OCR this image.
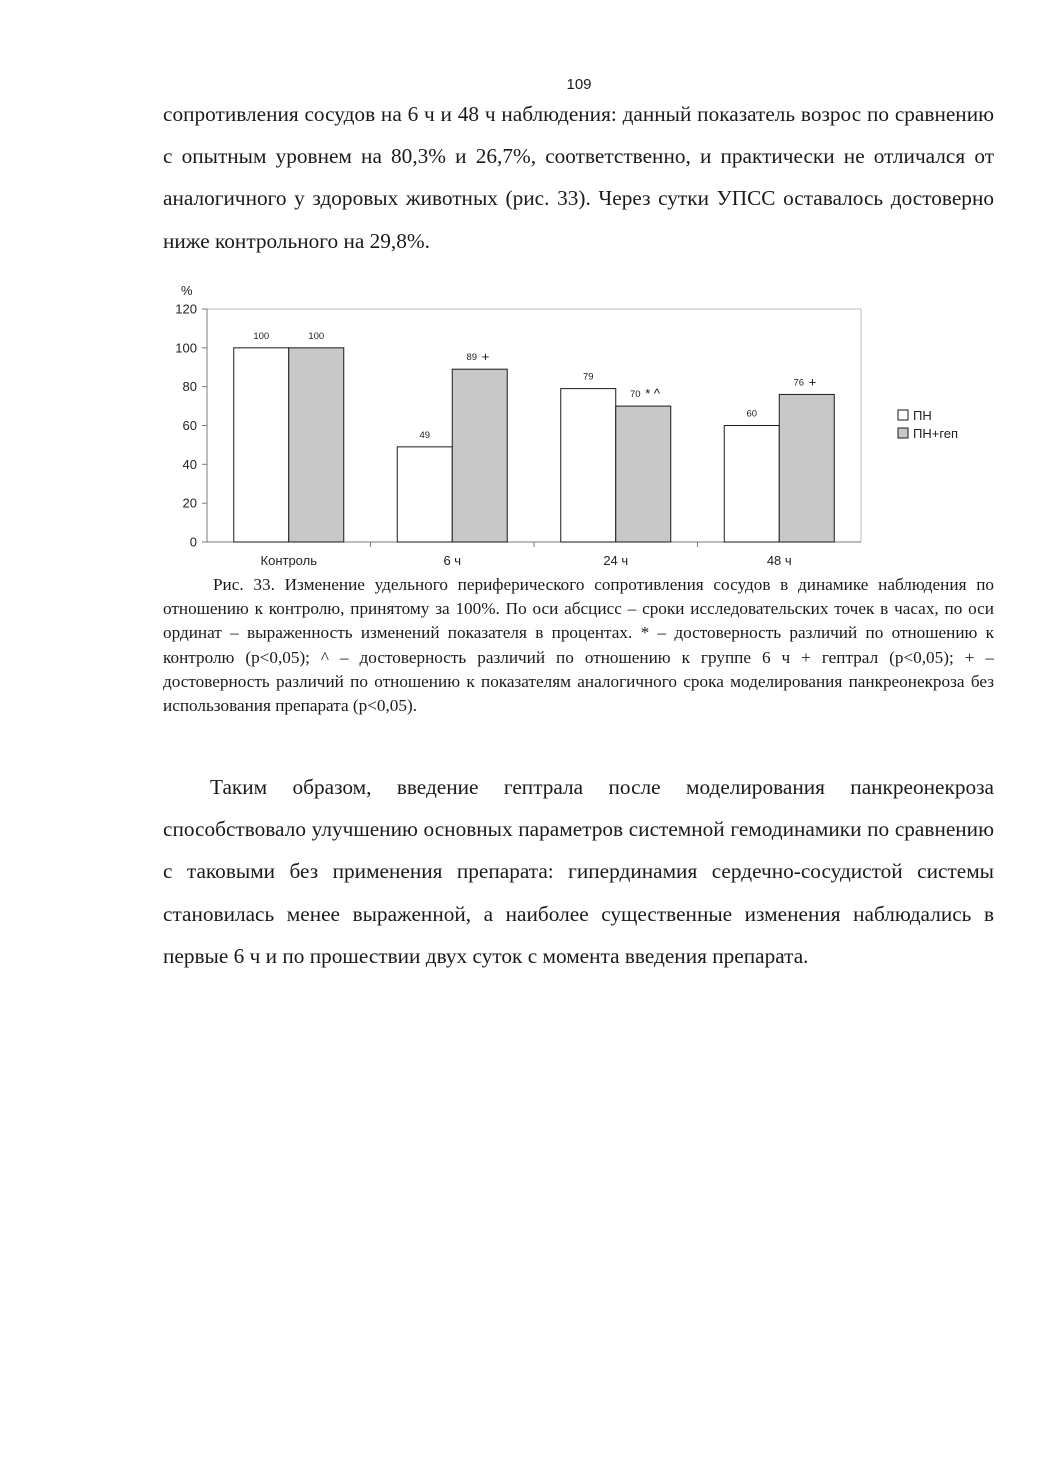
109

сопротивления сосудов на 6 ч и 48 ч наблюдения: данный показатель возрос по сравнению с опытным уровнем на 80,3% и 26,7%, соответственно, и практически не отличался от аналогичного у здоровых животных (рис. 33). Через сутки УПСС оставалось достоверно ниже контрольного на 29,8%.

0
20
40
60
80
100
120
%
Контроль
100	100
6 ч
49
89 +
24 ч
79
70 * ^
48 ч
60
76 +
ПН
ПН+геп

Рис. 33. Изменение удельного периферического сопротивления сосудов в динамике наблюдения по отношению к контролю, принятому за 100%. По оси абсцисс – сроки исследовательских точек в часах, по оси ординат – выраженность изменений показателя в процентах. * – достоверность различий по отношению к контролю (p<0,05); ^ – достоверность различий по отношению к группе 6 ч + гептрал (p<0,05); + – достоверность различий по отношению к показателям аналогичного срока моделирования панкреонекроза без использования препарата (p<0,05).

Таким образом, введение гептрала после моделирования панкреонекроза способствовало улучшению основных параметров системной гемодинамики по сравнению с таковыми без применения препарата: гипердинамия сердечно-сосудистой системы становилась менее выраженной, а наиболее существенные изменения наблюдались в первые 6 ч и по прошествии двух суток с момента введения препарата.
